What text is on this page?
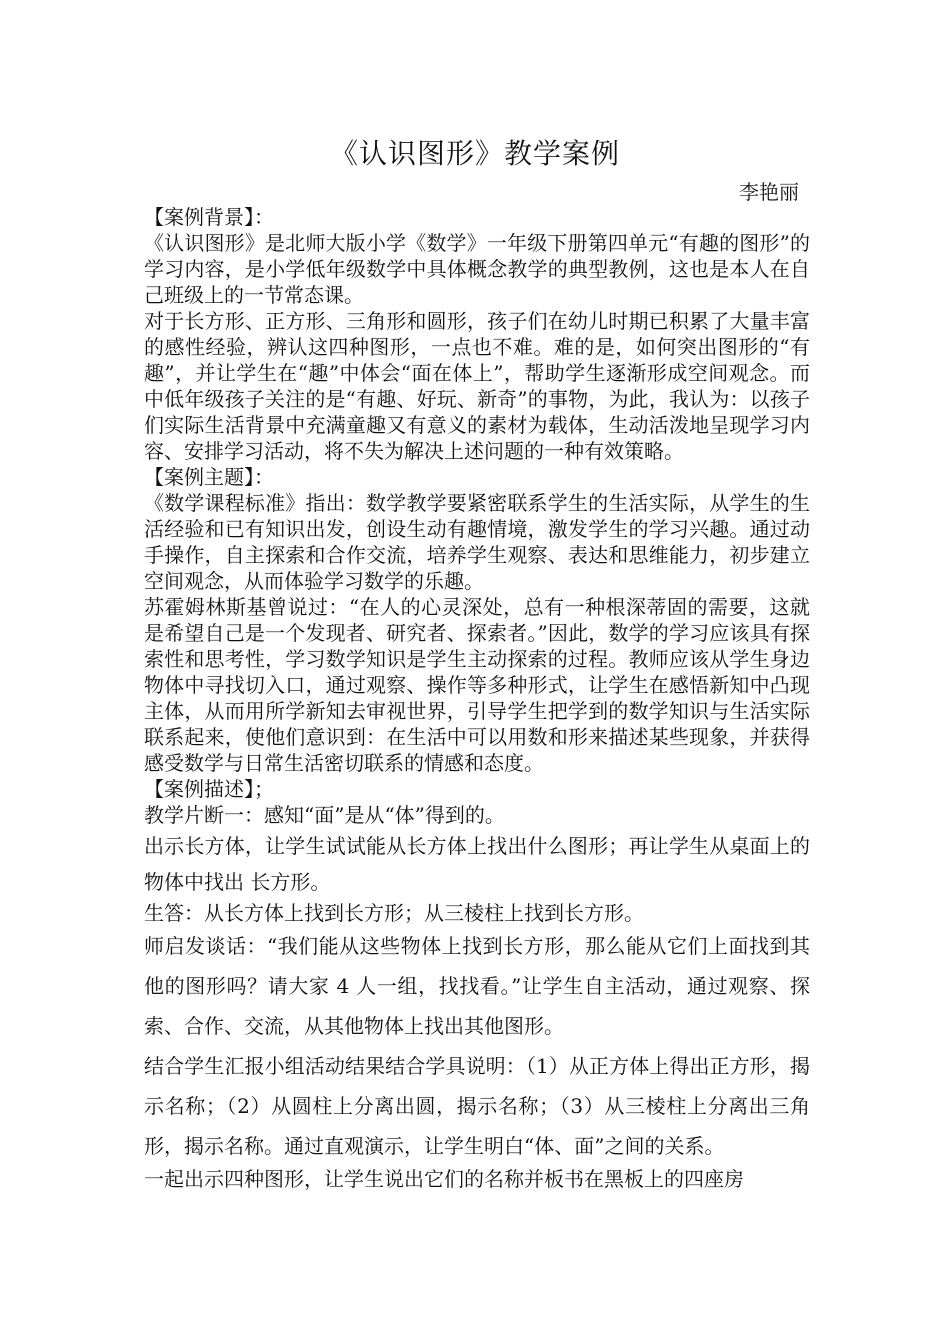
《认识图形》教学案例
李艳丽

【案例背景】：

《认识图形》是北师大版小学《数学》一年级下册第四单元“有趣的图形”的学习内容，是小学低年级数学中具体概念教学的典型教例，这也是本人在自己班级上的一节常态课。

对于长方形、正方形、三角形和圆形，孩子们在幼儿时期已积累了大量丰富的感性经验，辨认这四种图形，一点也不难。难的是，如何突出图形的“有趣”，并让学生在“趣”中体会“面在体上”，帮助学生逐渐形成空间观念。而中低年级孩子关注的是“有趣、好玩、新奇”的事物，为此，我认为：以孩子们实际生活背景中充满童趣又有意义的素材为载体，生动活泼地呈现学习内容、安排学习活动，将不失为解决上述问题的一种有效策略。

【案例主题】：

《数学课程标准》指出：数学教学要紧密联系学生的生活实际，从学生的生活经验和已有知识出发，创设生动有趣情境，激发学生的学习兴趣。通过动手操作，自主探索和合作交流，培养学生观察、表达和思维能力，初步建立空间观念，从而体验学习数学的乐趣。

苏霍姆林斯基曾说过：“在人的心灵深处，总有一种根深蒂固的需要，这就是希望自己是一个发现者、研究者、探索者。”因此，数学的学习应该具有探索性和思考性，学习数学知识是学生主动探索的过程。教师应该从学生身边物体中寻找切入口，通过观察、操作等多种形式，让学生在感悟新知中凸现主体，从而用所学新知去审视世界，引导学生把学到的数学知识与生活实际联系起来，使他们意识到：在生活中可以用数和形来描述某些现象，并获得感受数学与日常生活密切联系的情感和态度。

【案例描述】；

教学片断一：感知“面”是从“体”得到的。

出示长方体，让学生试试能从长方体上找出什么图形；再让学生从桌面上的物体中找出 长方形。

生答：从长方体上找到长方形；从三棱柱上找到长方形。

师启发谈话：“我们能从这些物体上找到长方形，那么能从它们上面找到其他的图形吗？请大家 4 人一组，找找看。”让学生自主活动，通过观察、探索、合作、交流，从其他物体上找出其他图形。

结合学生汇报小组活动结果结合学具说明：（1）从正方体上得出正方形，揭示名称；（2）从圆柱上分离出圆，揭示名称；（3）从三棱柱上分离出三角形，揭示名称。通过直观演示，让学生明白“体、面”之间的关系。

一起出示四种图形，让学生说出它们的名称并板书在黑板上的四座房
